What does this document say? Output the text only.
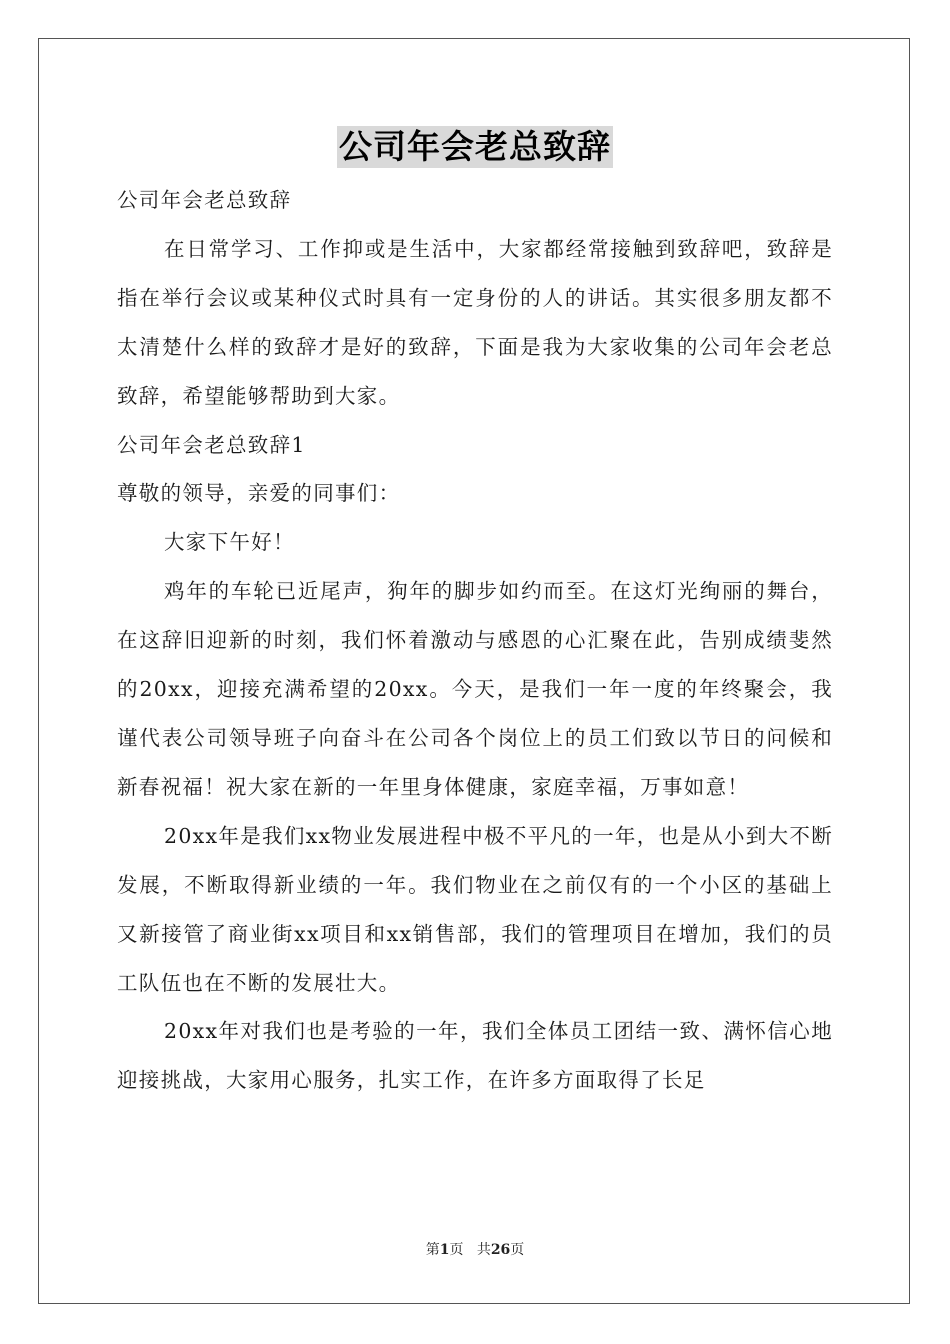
公司年会老总致辞

公司年会老总致辞

在日常学习、工作抑或是生活中，大家都经常接触到致辞吧，致辞是指在举行会议或某种仪式时具有一定身份的人的讲话。其实很多朋友都不太清楚什么样的致辞才是好的致辞，下面是我为大家收集的公司年会老总致辞，希望能够帮助到大家。

公司年会老总致辞1

尊敬的领导，亲爱的同事们：

大家下午好！

鸡年的车轮已近尾声，狗年的脚步如约而至。在这灯光绚丽的舞台，在这辞旧迎新的时刻，我们怀着激动与感恩的心汇聚在此，告别成绩斐然的20xx，迎接充满希望的20xx。今天，是我们一年一度的年终聚会，我谨代表公司领导班子向奋斗在公司各个岗位上的员工们致以节日的问候和新春祝福！祝大家在新的一年里身体健康，家庭幸福，万事如意！

20xx年是我们xx物业发展进程中极不平凡的一年，也是从小到大不断发展，不断取得新业绩的一年。我们物业在之前仅有的一个小区的基础上又新接管了商业街xx项目和xx销售部，我们的管理项目在增加，我们的员工队伍也在不断的发展壮大。

20xx年对我们也是考验的一年，我们全体员工团结一致、满怀信心地迎接挑战，大家用心服务，扎实工作，在许多方面取得了长足

第1页 共26页
